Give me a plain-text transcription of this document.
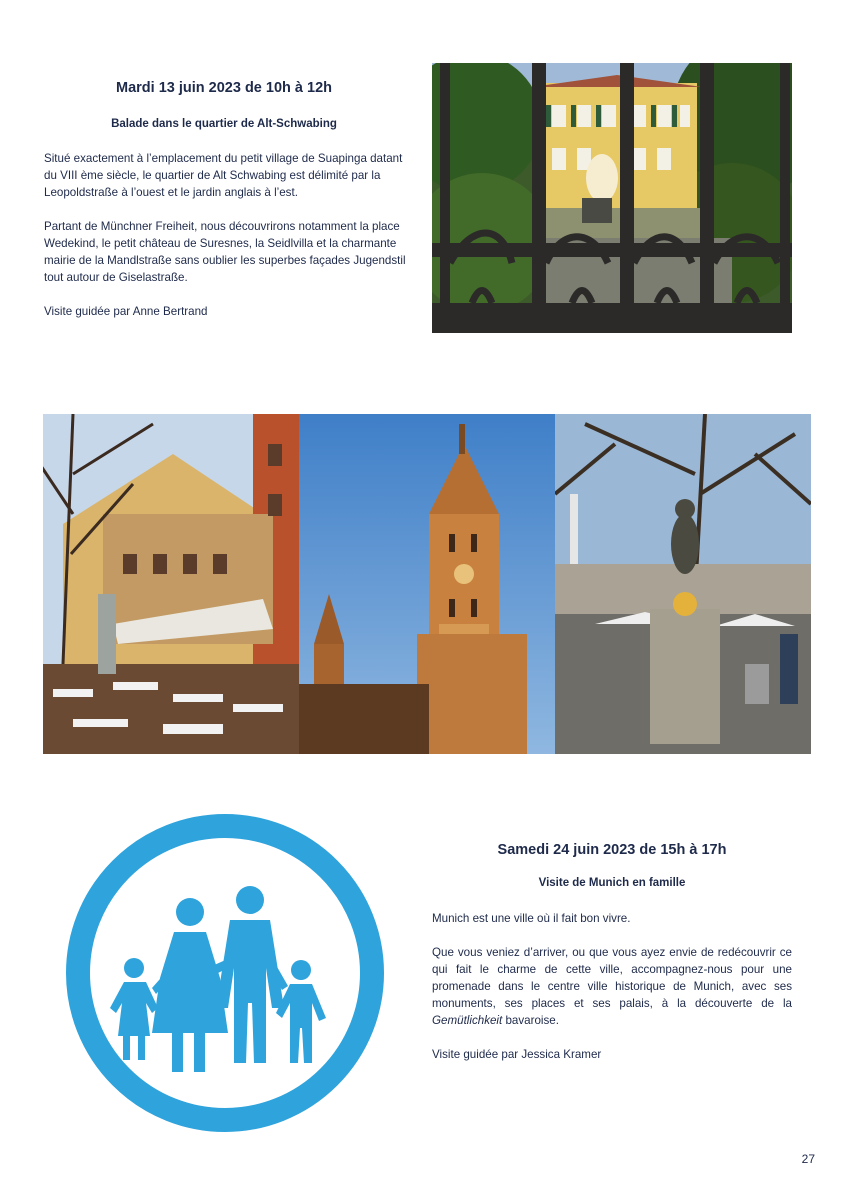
Mardi 13 juin 2023 de 10h à 12h
Balade dans le quartier de Alt-Schwabing

Situé exactement à l’emplacement du petit village de Suapinga datant du VIII ème siècle, le quartier de Alt Schwabing est délimité par la Leopoldstraße à l’ouest et le jardin anglais à l’est.

Partant de Münchner Freiheit, nous découvrirons notamment la place Wedekind, le petit château de Suresnes, la Seidlvilla et la charmante mairie de la Mandlstraße sans oublier les superbes façades Jugendstil tout autour de Giselastraße.

Visite guidée par Anne Bertrand

Samedi 24 juin 2023 de 15h à 17h
Visite de Munich en famille

Munich est une ville où il fait bon vivre.

Que vous veniez d’arriver, ou que vous ayez envie de redécouvrir ce qui fait le charme de cette ville, accompagnez-nous pour une promenade dans le centre ville historique de Munich, avec ses monuments, ses places et ses palais, à la découverte de la Gemütlichkeit bavaroise.

Visite guidée par Jessica Kramer

27
